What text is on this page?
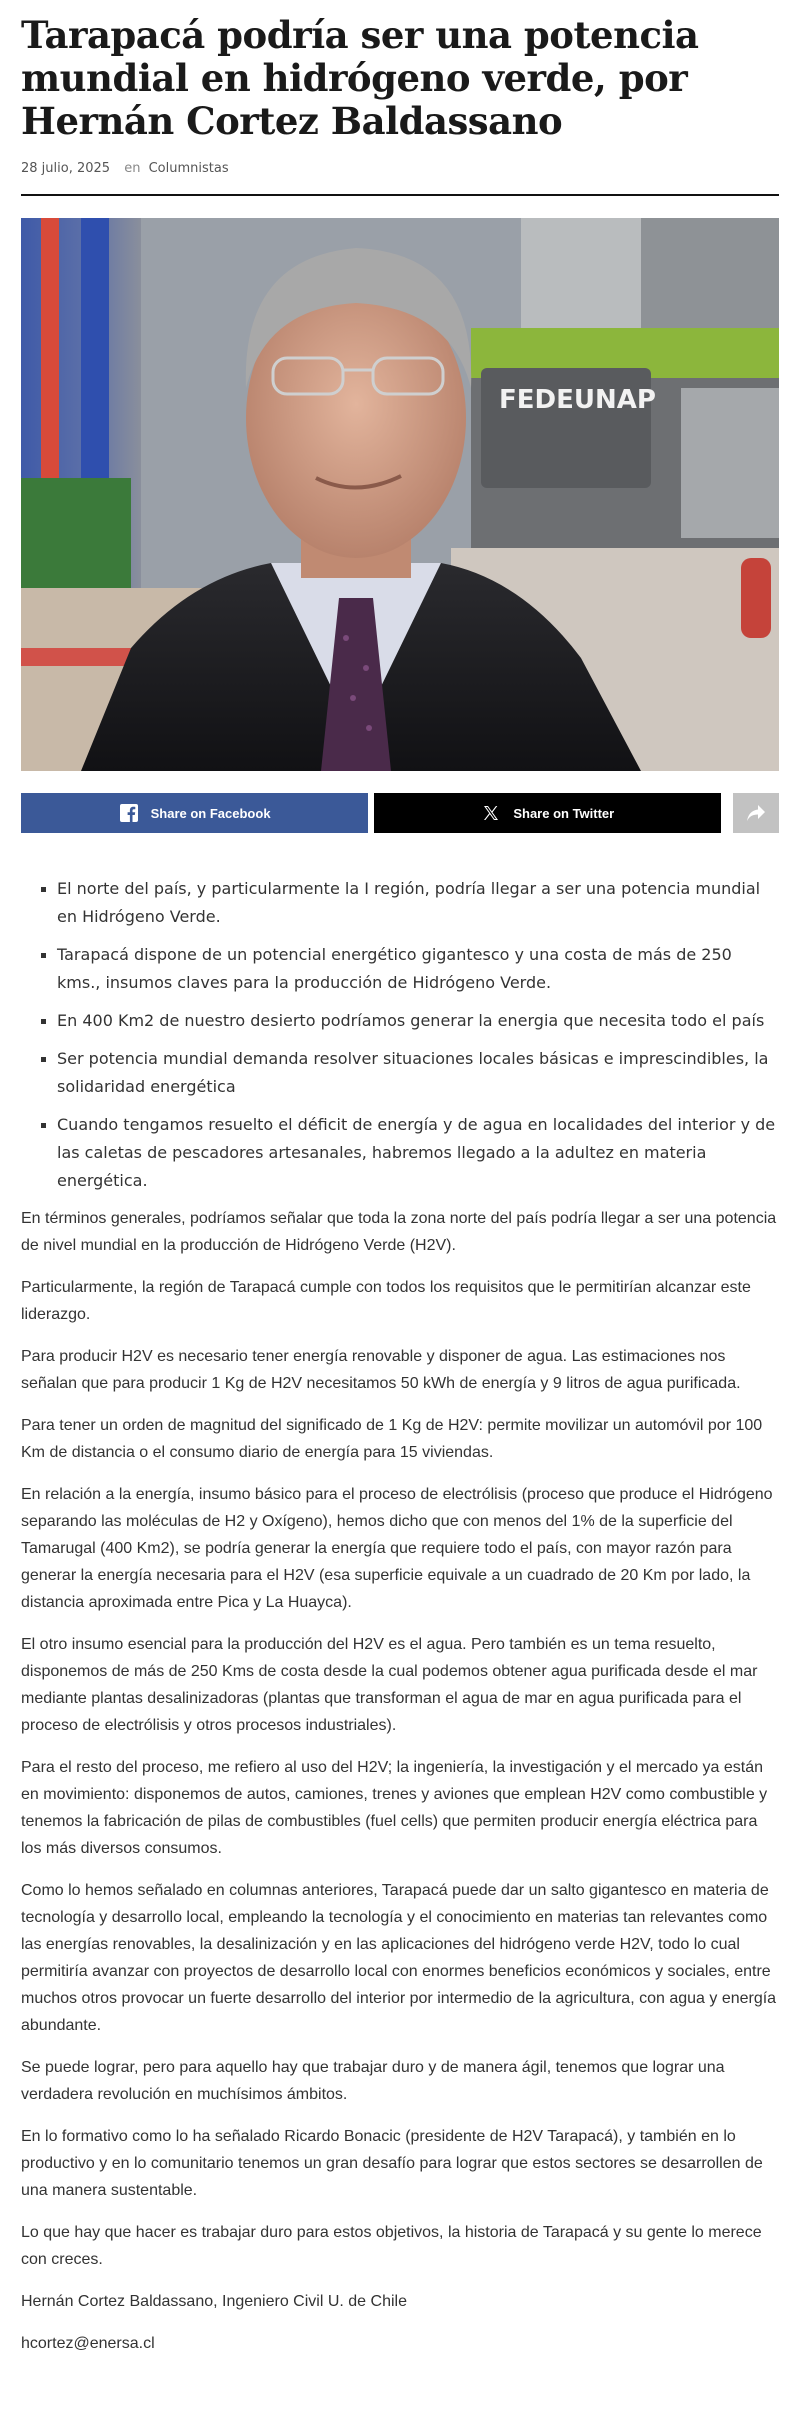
Tarapacá podría ser una potencia mundial en hidrógeno verde, por Hernán Cortez Baldassano
28 julio, 2025 en Columnistas
FEDEUNAP
Share on Facebook	Share on Twitter
El norte del país, y particularmente la I región, podría llegar a ser una potencia mundial en Hidrógeno Verde.
Tarapacá dispone de un potencial energético gigantesco y una costa de más de 250 kms., insumos claves para la producción de Hidrógeno Verde.
En 400 Km2 de nuestro desierto podríamos generar la energia que necesita todo el país
Ser potencia mundial demanda resolver situaciones locales básicas e imprescindibles, la solidaridad energética
Cuando tengamos resuelto el déficit de energía y de agua en localidades del interior y de las caletas de pescadores artesanales, habremos llegado a la adultez en materia energética.

En términos generales, podríamos señalar que toda la zona norte del país podría llegar a ser una potencia de nivel mundial en la producción de Hidrógeno Verde (H2V).

Particularmente, la región de Tarapacá cumple con todos los requisitos que le permitirían alcanzar este liderazgo.

Para producir H2V es necesario tener energía renovable y disponer de agua. Las estimaciones nos señalan que para producir 1 Kg de H2V necesitamos 50 kWh de energía y 9 litros de agua purificada.

Para tener un orden de magnitud del significado de 1 Kg de H2V: permite movilizar un automóvil por 100 Km de distancia o el consumo diario de energía para 15 viviendas.

En relación a la energía, insumo básico para el proceso de electrólisis (proceso que produce el Hidrógeno separando las moléculas de H2 y Oxígeno), hemos dicho que con menos del 1% de la superficie del Tamarugal (400 Km2), se podría generar la energía que requiere todo el país, con mayor razón para generar la energía necesaria para el H2V (esa superficie equivale a un cuadrado de 20 Km por lado, la distancia aproximada entre Pica y La Huayca).

El otro insumo esencial para la producción del H2V es el agua. Pero también es un tema resuelto, disponemos de más de 250 Kms de costa desde la cual podemos obtener agua purificada desde el mar mediante plantas desalinizadoras (plantas que transforman el agua de mar en agua purificada para el proceso de electrólisis y otros procesos industriales).

Para el resto del proceso, me refiero al uso del H2V; la ingeniería, la investigación y el mercado ya están en movimiento: disponemos de autos, camiones, trenes y aviones que emplean H2V como combustible y tenemos la fabricación de pilas de combustibles (fuel cells) que permiten producir energía eléctrica para los más diversos consumos.

Como lo hemos señalado en columnas anteriores, Tarapacá puede dar un salto gigantesco en materia de tecnología y desarrollo local, empleando la tecnología y el conocimiento en materias tan relevantes como las energías renovables, la desalinización y en las aplicaciones del hidrógeno verde H2V, todo lo cual permitiría avanzar con proyectos de desarrollo local con enormes beneficios económicos y sociales, entre muchos otros provocar un fuerte desarrollo del interior por intermedio de la agricultura, con agua y energía abundante.

Se puede lograr, pero para aquello hay que trabajar duro y de manera ágil, tenemos que lograr una verdadera revolución en muchísimos ámbitos.

En lo formativo como lo ha señalado Ricardo Bonacic (presidente de H2V Tarapacá), y también en lo productivo y en lo comunitario tenemos un gran desafío para lograr que estos sectores se desarrollen de una manera sustentable.

Lo que hay que hacer es trabajar duro para estos objetivos, la historia de Tarapacá y su gente lo merece con creces.

Hernán Cortez Baldassano, Ingeniero Civil U. de Chile

hcortez@enersa.cl
